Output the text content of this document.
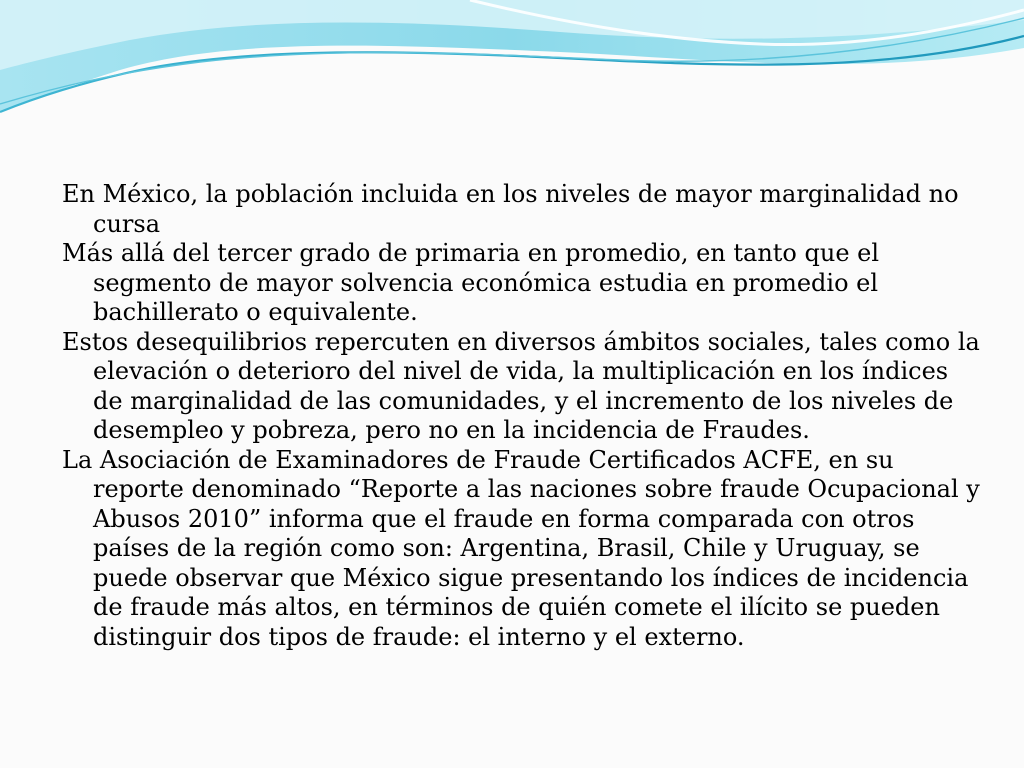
En México, la población incluida en los niveles de mayor marginalidad no cursa

Más allá del tercer grado de primaria en promedio, en tanto que el segmento de mayor solvencia económica estudia en promedio el bachillerato o equivalente.

Estos desequilibrios repercuten en diversos ámbitos sociales, tales como la elevación o deterioro del nivel de vida, la multiplicación en los índices de marginalidad de las comunidades, y el incremento de los niveles de desempleo y pobreza, pero no en la incidencia de Fraudes.

La Asociación de Examinadores de Fraude Certificados ACFE, en su reporte denominado “Reporte a las naciones sobre fraude Ocupacional y Abusos 2010” informa que el fraude en forma comparada con otros países de la región como son: Argentina, Brasil, Chile y Uruguay, se puede observar que México sigue presentando los índices de incidencia de fraude más altos, en términos de quién comete el ilícito se pueden distinguir dos tipos de fraude: el interno y el externo.
